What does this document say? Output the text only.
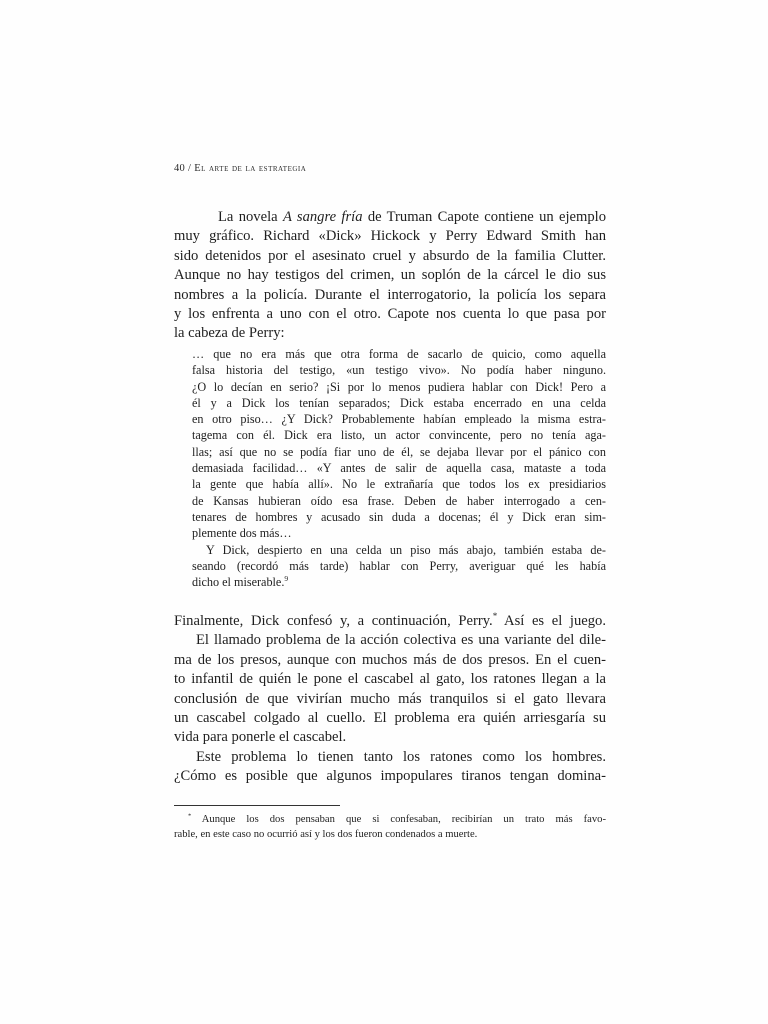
40 / El arte de la estrategia

La novela A sangre fría de Truman Capote contiene un ejemplo
muy gráfico. Richard «Dick» Hickock y Perry Edward Smith han
sido detenidos por el asesinato cruel y absurdo de la familia Clutter.
Aunque no hay testigos del crimen, un soplón de la cárcel le dio sus
nombres a la policía. Durante el interrogatorio, la policía los separa
y los enfrenta a uno con el otro. Capote nos cuenta lo que pasa por
la cabeza de Perry:

… que no era más que otra forma de sacarlo de quicio, como aquella
falsa historia del testigo, «un testigo vivo». No podía haber ninguno.
¿O lo decían en serio? ¡Si por lo menos pudiera hablar con Dick! Pero a
él y a Dick los tenían separados; Dick estaba encerrado en una celda
en otro piso… ¿Y Dick? Probablemente habían empleado la misma estra-
tagema con él. Dick era listo, un actor convincente, pero no tenía aga-
llas; así que no se podía fiar uno de él, se dejaba llevar por el pánico con
demasiada facilidad… «Y antes de salir de aquella casa, mataste a toda
la gente que había allí». No le extrañaría que todos los ex presidiarios
de Kansas hubieran oído esa frase. Deben de haber interrogado a cen-
tenares de hombres y acusado sin duda a docenas; él y Dick eran sim-
plemente dos más…
Y Dick, despierto en una celda un piso más abajo, también estaba de-
seando (recordó más tarde) hablar con Perry, averiguar qué les había
dicho el miserable.$^9$

Finalmente, Dick confesó y, a continuación, Perry.* Así es el juego.
El llamado problema de la acción colectiva es una variante del dile-
ma de los presos, aunque con muchos más de dos presos. En el cuen-
to infantil de quién le pone el cascabel al gato, los ratones llegan a la
conclusión de que vivirían mucho más tranquilos si el gato llevara
un cascabel colgado al cuello. El problema era quién arriesgaría su
vida para ponerle el cascabel.
Este problema lo tienen tanto los ratones como los hombres.
¿Cómo es posible que algunos impopulares tiranos tengan domina-

* Aunque los dos pensaban que si confesaban, recibirían un trato más favo-
rable, en este caso no ocurrió así y los dos fueron condenados a muerte.
